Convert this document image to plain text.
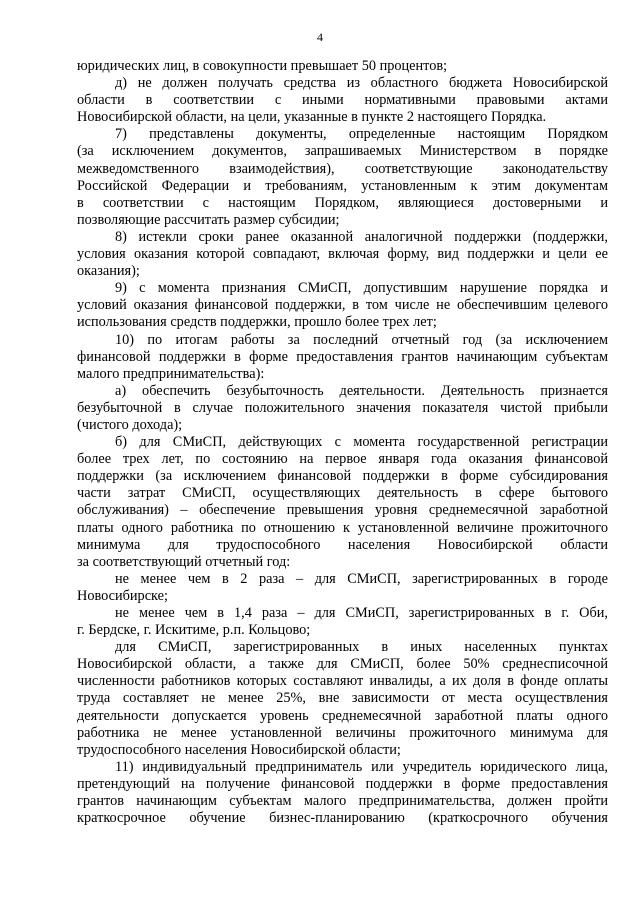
4
юридических лиц, в совокупности превышает 50 процентов;
д) не должен получать средства из областного бюджета Новосибирской
области в соответствии с иными нормативными правовыми актами
Новосибирской области, на цели, указанные в пункте 2 настоящего Порядка.
7) представлены документы, определенные настоящим Порядком
(за исключением документов, запрашиваемых Министерством в порядке
межведомственного взаимодействия), соответствующие законодательству
Российской Федерации и требованиям, установленным к этим документам
в соответствии с настоящим Порядком, являющиеся достоверными и
позволяющие рассчитать размер субсидии;
8) истекли сроки ранее оказанной аналогичной поддержки (поддержки,
условия оказания которой совпадают, включая форму, вид поддержки и цели ее
оказания);
9) с момента признания СМиСП, допустившим нарушение порядка и
условий оказания финансовой поддержки, в том числе не обеспечившим целевого
использования средств поддержки, прошло более трех лет;
10) по итогам работы за последний отчетный год (за исключением
финансовой поддержки в форме предоставления грантов начинающим субъектам
малого предпринимательства):
а) обеспечить безубыточность деятельности. Деятельность признается
безубыточной в случае положительного значения показателя чистой прибыли
(чистого дохода);
б) для СМиСП, действующих с момента государственной регистрации
более трех лет, по состоянию на первое января года оказания финансовой
поддержки (за исключением финансовой поддержки в форме субсидирования
части затрат СМиСП, осуществляющих деятельность в сфере бытового
обслуживания) – обеспечение превышения уровня среднемесячной заработной
платы одного работника по отношению к установленной величине прожиточного
минимума для трудоспособного населения Новосибирской области
за соответствующий отчетный год:
не менее чем в 2 раза – для СМиСП, зарегистрированных в городе
Новосибирске;
не менее чем в 1,4 раза – для СМиСП, зарегистрированных в г. Оби,
г. Бердске, г. Искитиме, р.п. Кольцово;
для СМиСП, зарегистрированных в иных населенных пунктах
Новосибирской области, а также для СМиСП, более 50% среднесписочной
численности работников которых составляют инвалиды, а их доля в фонде оплаты
труда составляет не менее 25%, вне зависимости от места осуществления
деятельности допускается уровень среднемесячной заработной платы одного
работника не менее установленной величины прожиточного минимума для
трудоспособного населения Новосибирской области;
11) индивидуальный предприниматель или учредитель юридического лица,
претендующий на получение финансовой поддержки в форме предоставления
грантов начинающим субъектам малого предпринимательства, должен пройти
краткосрочное обучение бизнес-планированию (краткосрочного обучения
